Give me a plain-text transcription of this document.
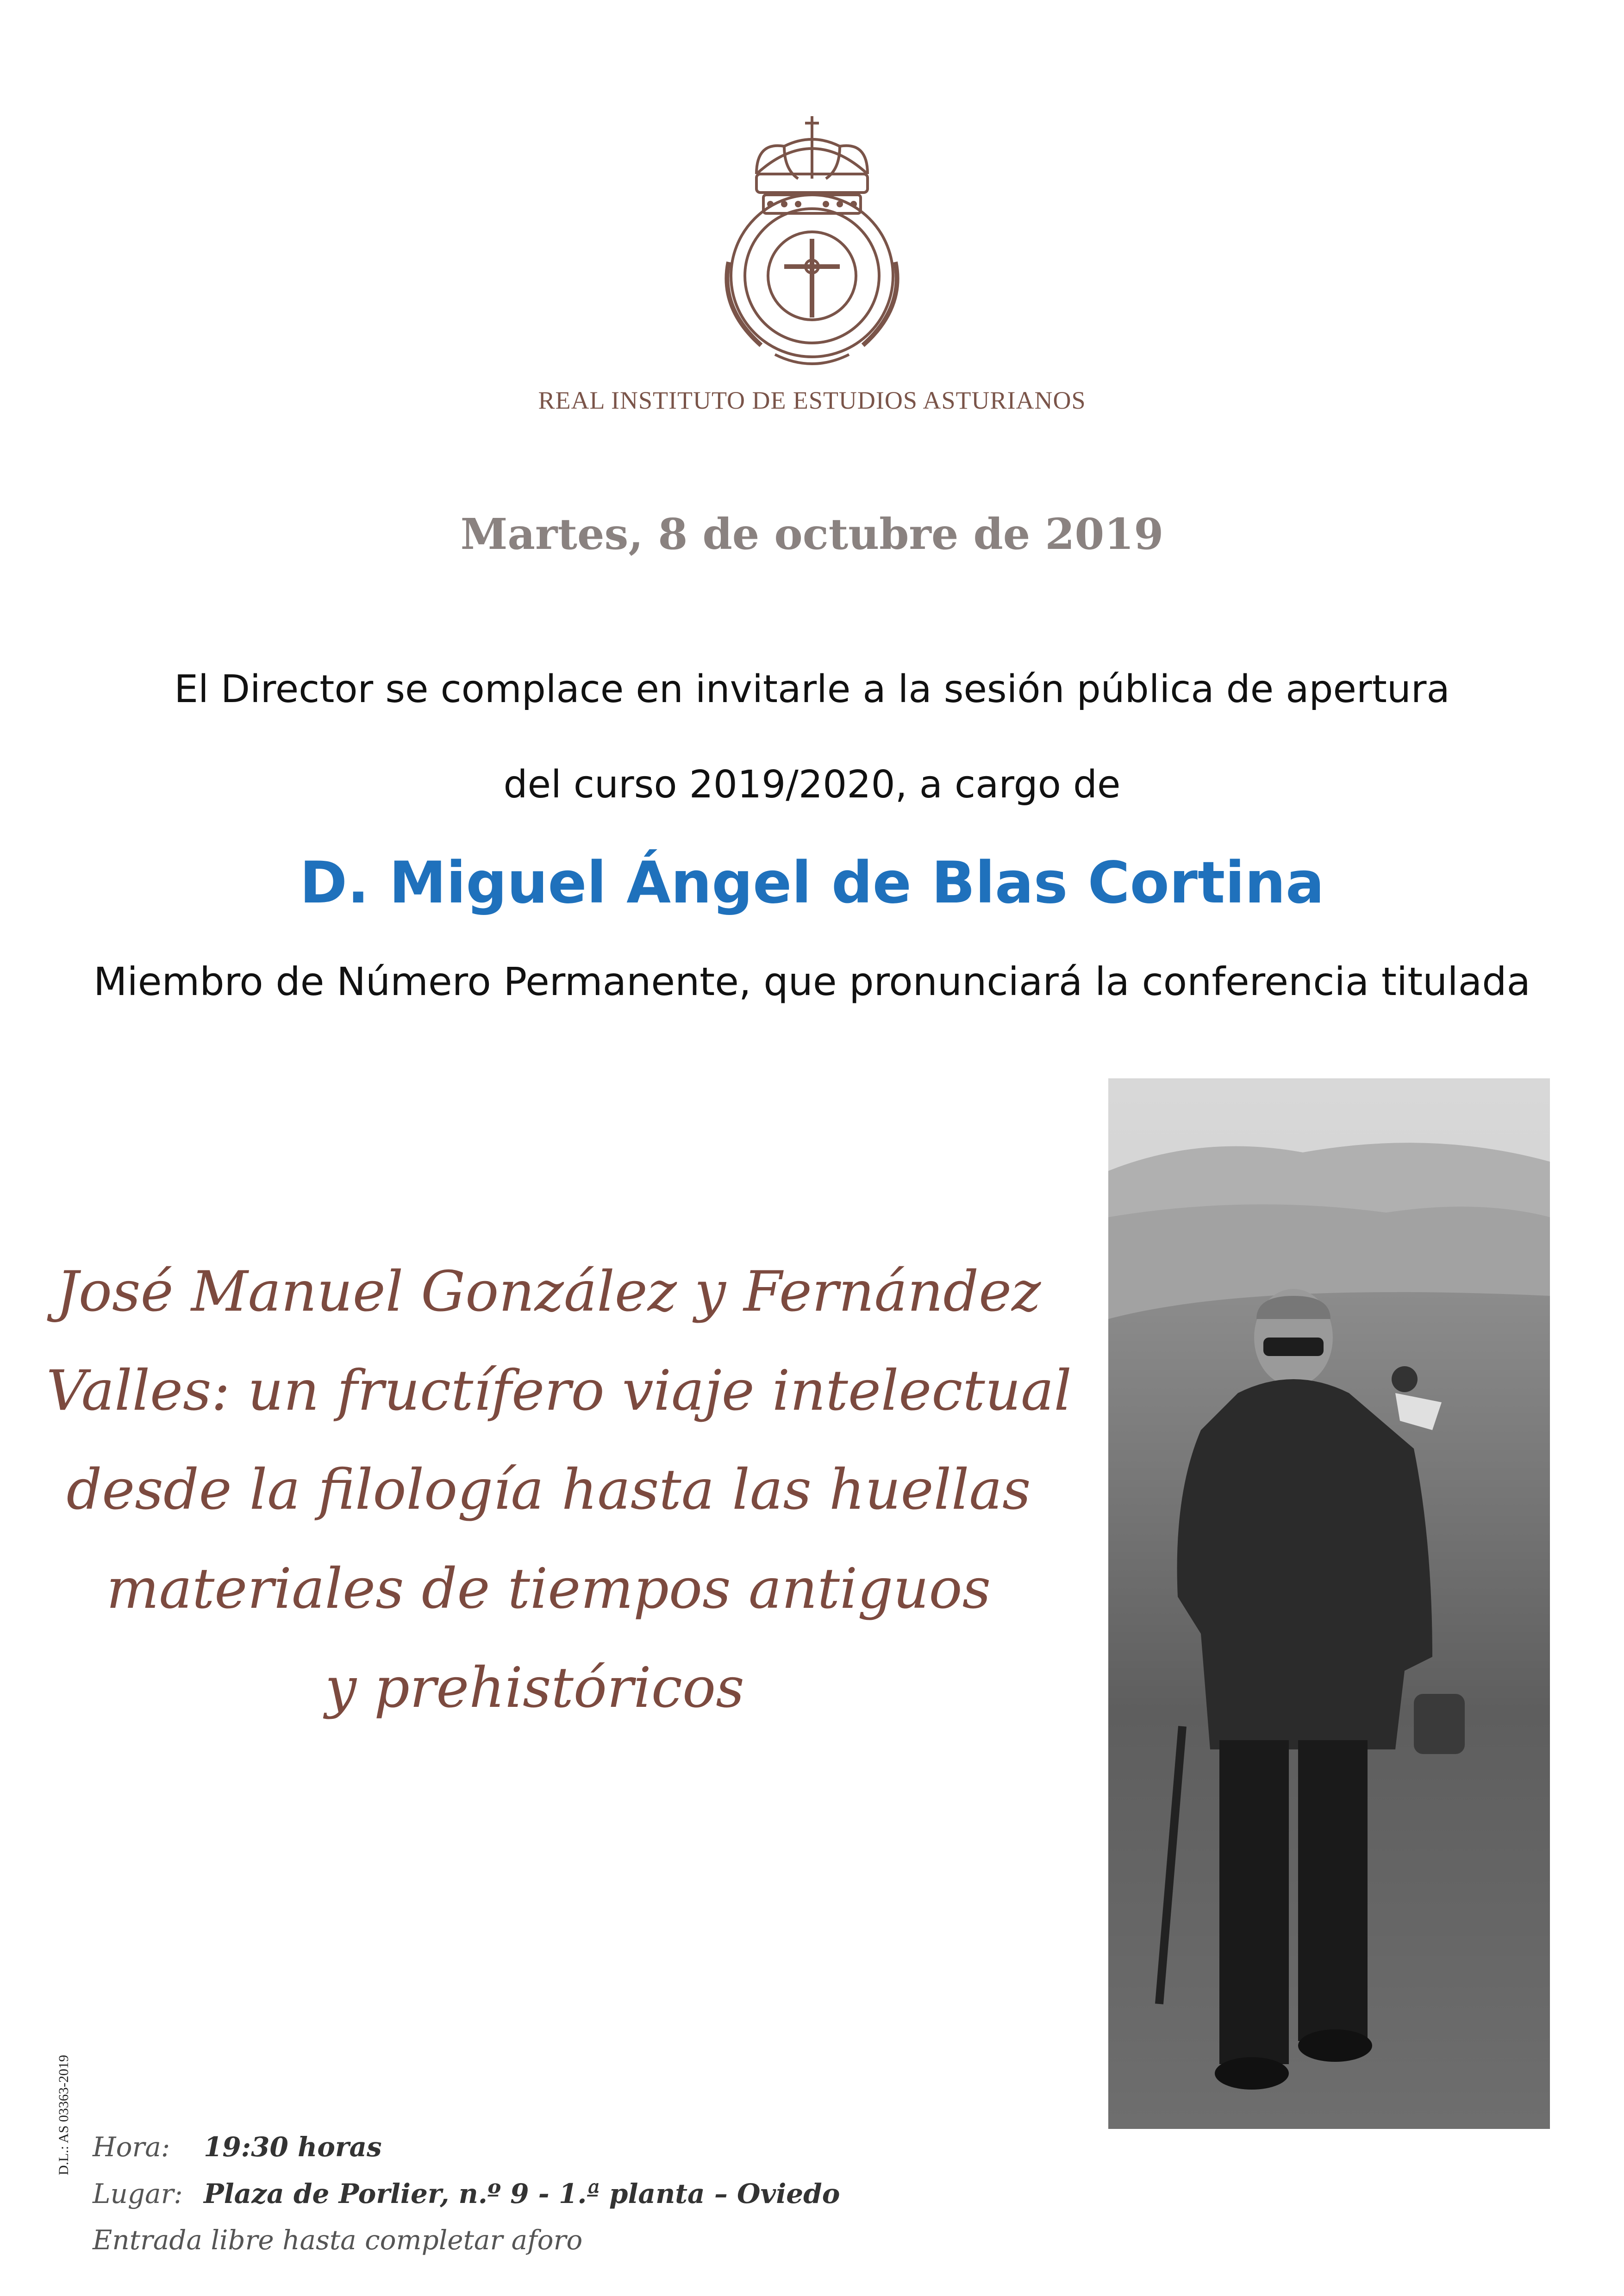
REAL INSTITUTO DE ESTUDIOS ASTURIANOS
Martes, 8 de octubre de 2019
El Director se complace en invitarle a la sesión pública de apertura
del curso 2019/2020, a cargo de
D. Miguel Ángel de Blas Cortina
Miembro de Número Permanente, que pronunciará la conferencia titulada
José Manuel González y Fernández
Valles: un fructífero viaje intelectual
desde la filología hasta las huellas
materiales de tiempos antiguos
y prehistóricos
D.L.: AS 03363-2019 Hora: 19:30 horas
Lugar: Plaza de Porlier, n.º 9 - 1.ª planta – Oviedo
Entrada libre hasta completar aforo
